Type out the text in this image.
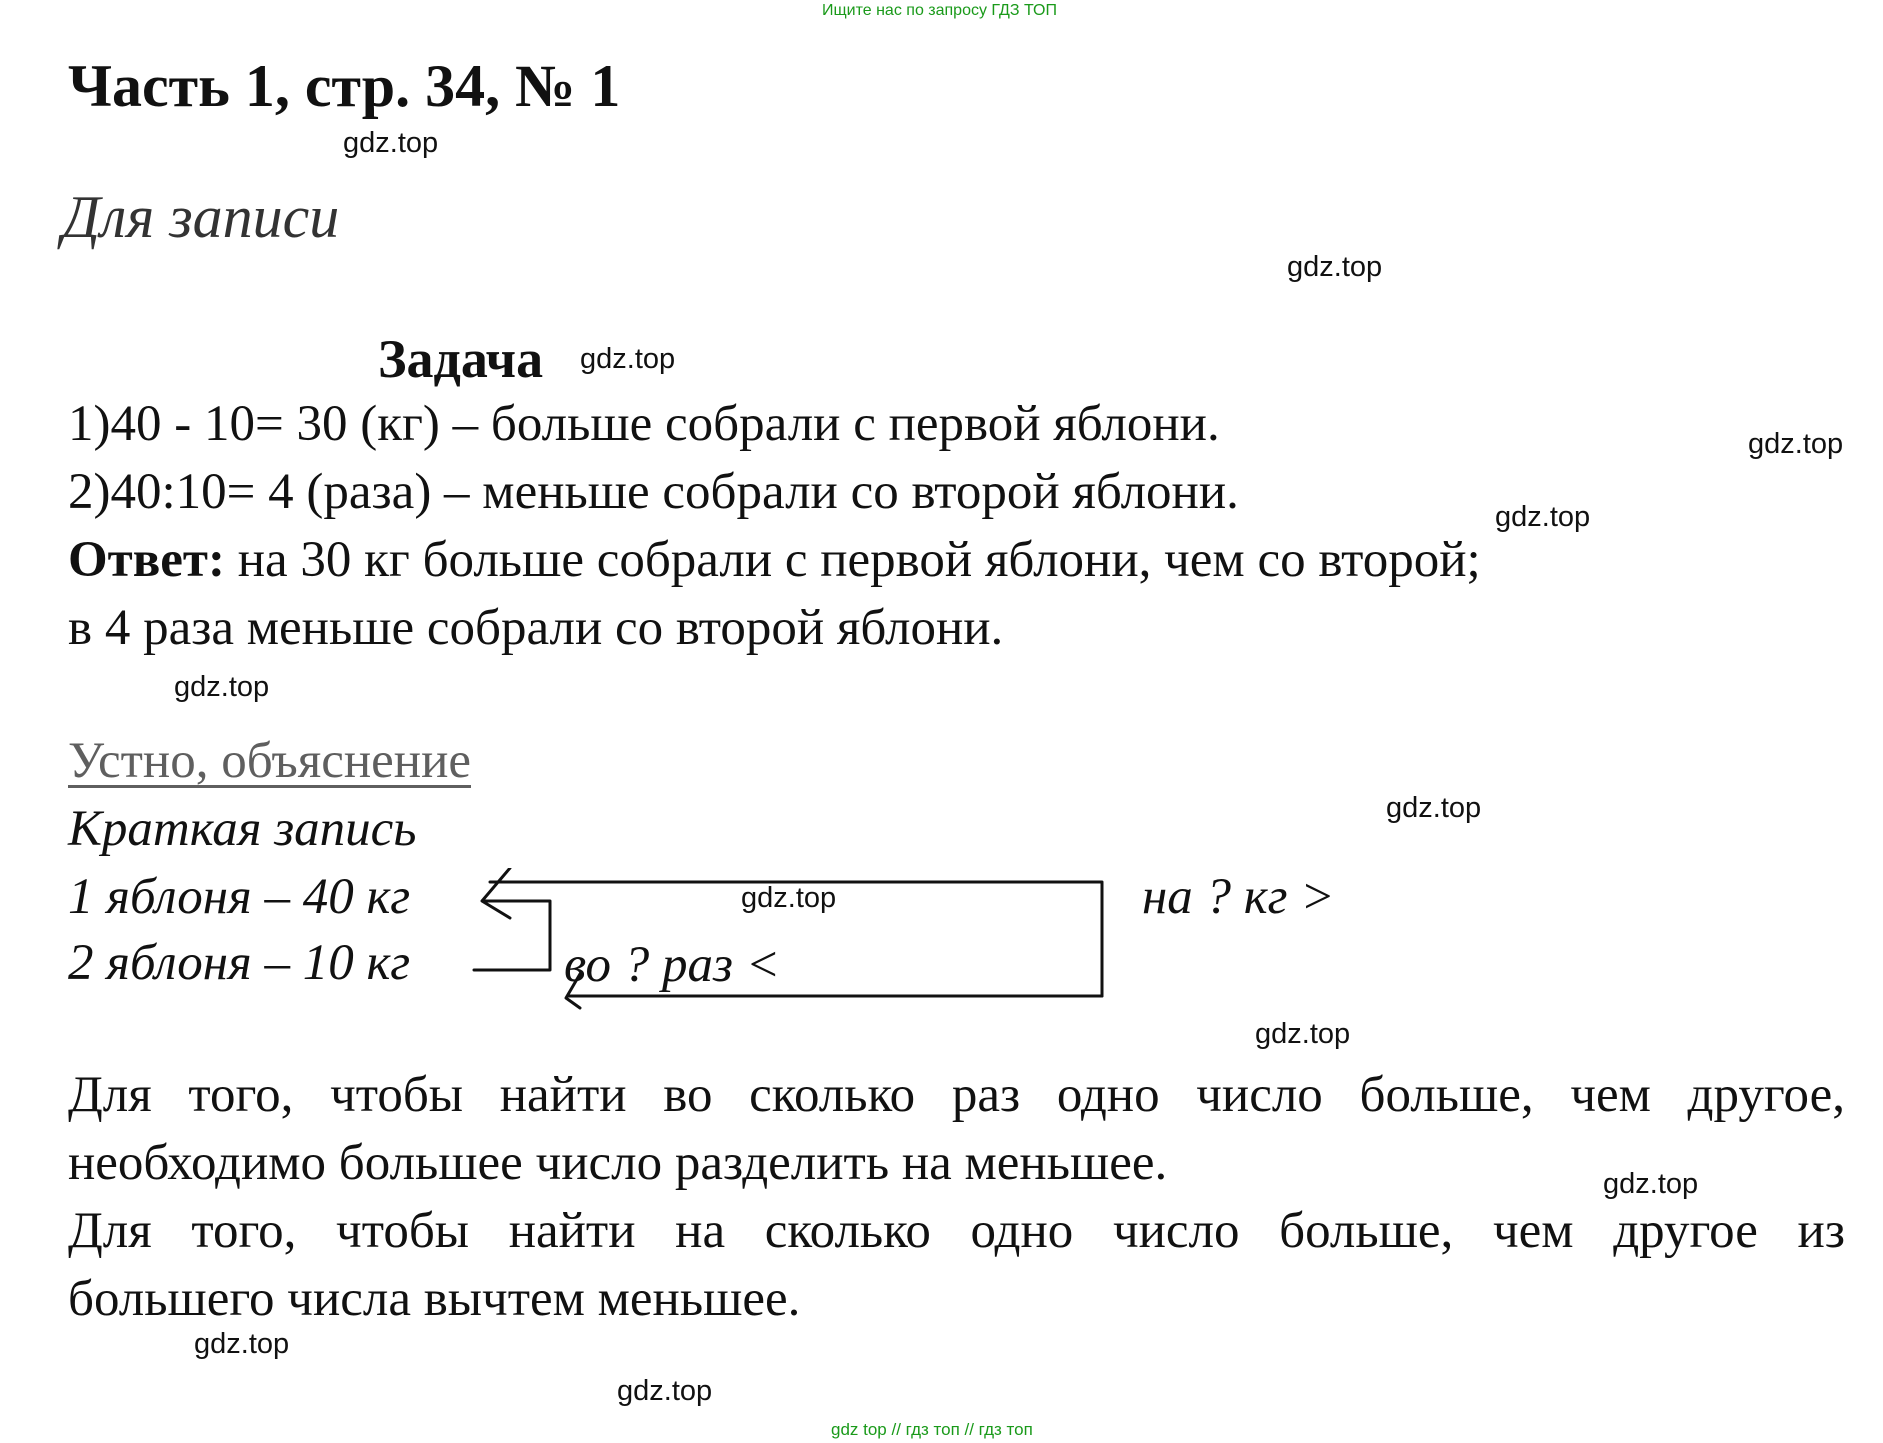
Ищите нас по запросу ГДЗ ТОП
Часть 1, стр. 34, № 1
Для записи
Задача
1)40 - 10= 30 (кг) – больше собрали с первой яблони.
2)40:10= 4 (раза) – меньше собрали со второй яблони.
Ответ: на 30 кг больше собрали с первой яблони, чем со второй;
в 4 раза меньше собрали со второй яблони.
Устно, объяснение
Краткая запись
1 яблоня – 40 кг
2 яблоня – 10 кг
на ? кг >
во ? раз <
Для того, чтобы найти во сколько раз одно число больше, чем другое,
необходимо большее число разделить на меньшее.
Для того, чтобы найти на сколько одно число больше, чем другое из
большего числа вычтем меньшее.
gdz.top
gdz.top
gdz.top
gdz.top
gdz.top
gdz.top
gdz.top
gdz.top
gdz.top
gdz.top
gdz.top
gdz.top
gdz top // гдз топ // гдз топ
